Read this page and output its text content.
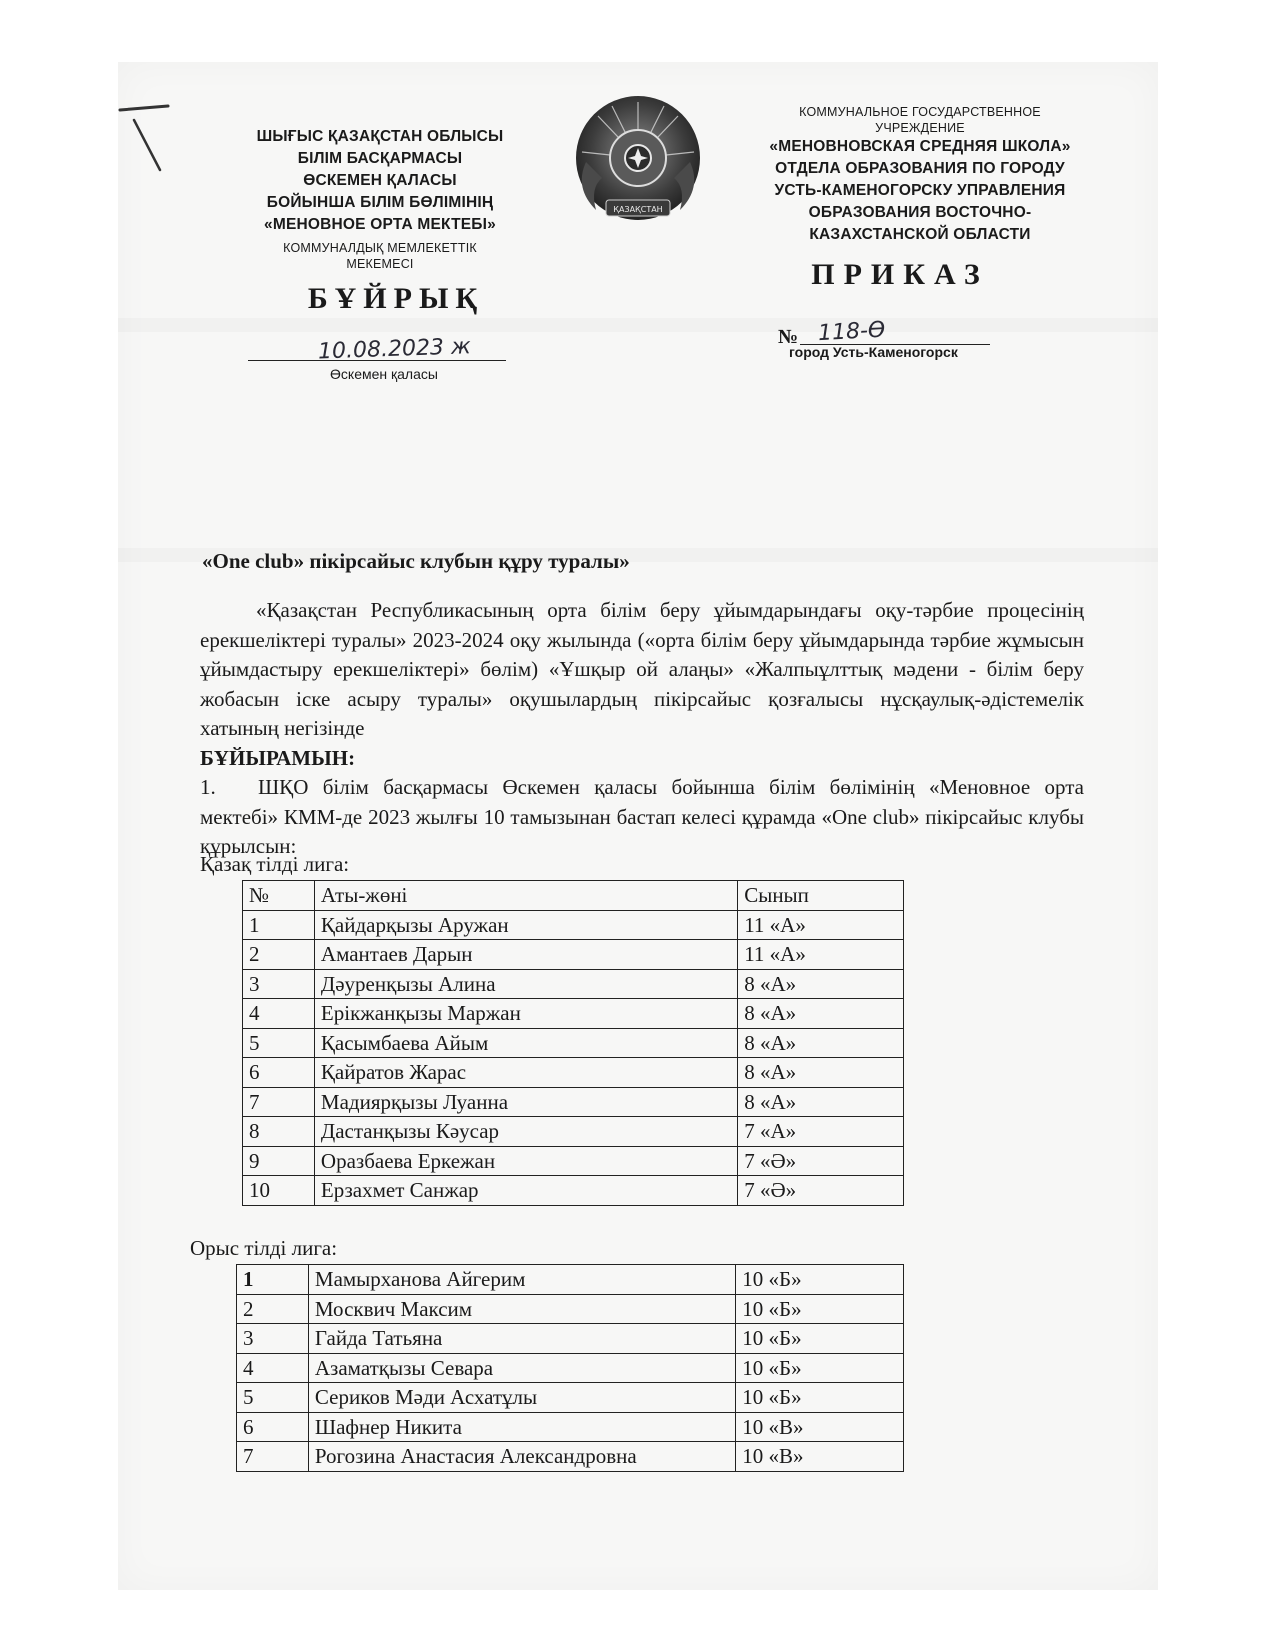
ШЫҒЫС ҚАЗАҚСТАН ОБЛЫСЫ
БІЛІМ БАСҚАРМАСЫ
ӨСКЕМЕН ҚАЛАСЫ
БОЙЫНША БІЛІМ БӨЛІМІНІҢ
«МЕНОВНОЕ ОРТА МЕКТЕБІ»
КОММУНАЛДЫҚ МЕМЛЕКЕТТІК
МЕКЕМЕСІ
ҚАЗАҚСТАН
КОММУНАЛЬНОЕ ГОСУДАРСТВЕННОЕ
УЧРЕЖДЕНИЕ
«МЕНОВНОВСКАЯ СРЕДНЯЯ ШКОЛА»
ОТДЕЛА ОБРАЗОВАНИЯ ПО ГОРОДУ
УСТЬ-КАМЕНОГОРСКУ УПРАВЛЕНИЯ
ОБРАЗОВАНИЯ ВОСТОЧНО-
КАЗАХСТАНСКОЙ ОБЛАСТИ
БҰЙРЫҚ
ПРИКАЗ
10.08.2023 ж
Өскемен қаласы
№ 118-Ө
город Усть-Каменогорск
«One club» пікірсайыс клубын құру туралы»

«Қазақстан Республикасының орта білім беру ұйымдарындағы оқу-тәрбие процесінің ерекшеліктері туралы» 2023-2024 оқу жылында («орта білім беру ұйымдарында тәрбие жұмысын ұйымдастыру ерекшеліктері» бөлім) «Ұшқыр ой алаңы» «Жалпыұлттық мәдени - білім беру жобасын іске асыру туралы» оқушылардың пікірсайыс қозғалысы нұсқаулық-әдістемелік хатының негізінде

БҰЙЫРАМЫН:

1. ШҚО білім басқармасы Өскемен қаласы бойынша білім бөлімінің «Меновное орта мектебі» КММ-де 2023 жылғы 10 тамызынан бастап келесі құрамда «One club» пікірсайыс клубы құрылсын:

Қазақ тілді лига:
№	Аты-жөні	Сынып
1	Қайдарқызы Аружан	11 «А»
2	Амантаев Дарын	11 «А»
3	Дәуренқызы Алина	8 «А»
4	Ерікжанқызы Маржан	8 «А»
5	Қасымбаева Айым	8 «А»
6	Қайратов Жарас	8 «А»
7	Мадиярқызы Луанна	8 «А»
8	Дастанқызы Кәусар	7 «А»
9	Оразбаева Еркежан	7 «Ә»
10	Ерзахмет Санжар	7 «Ә»
Орыс тілді лига:
1	Мамырханова Айгерим	10 «Б»
2	Москвич Максим	10 «Б»
3	Гайда Татьяна	10 «Б»
4	Азаматқызы Севара	10 «Б»
5	Сериков Мәди Асхатұлы	10 «Б»
6	Шафнер Никита	10 «В»
7	Рогозина Анастасия Александровна	10 «В»
